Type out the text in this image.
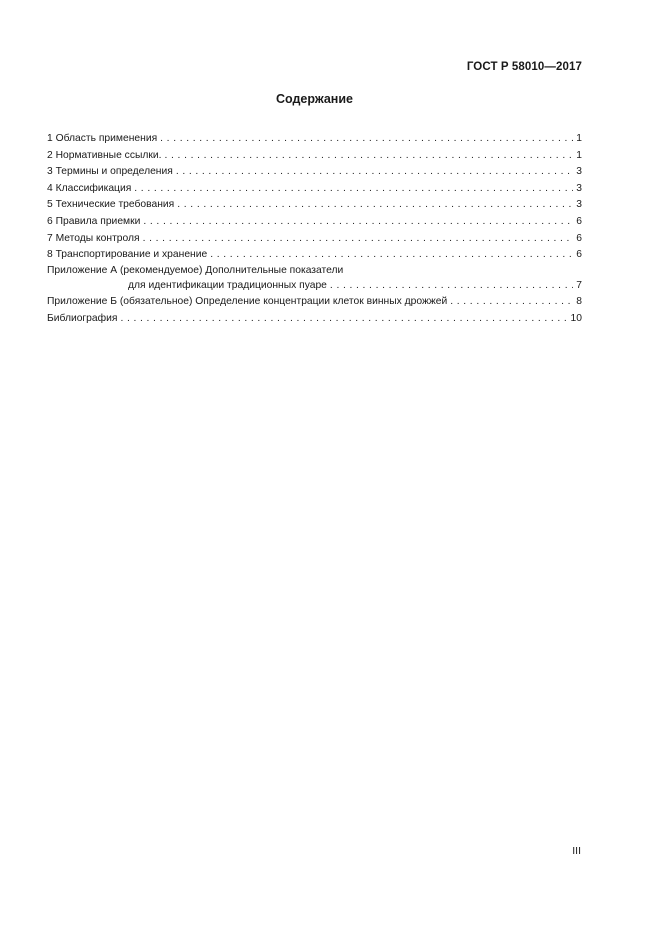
ГОСТ Р 58010—2017
Содержание
1 Область применения . . .	1
2 Нормативные ссылки. . . .	1
3 Термины и определения . . .	3
4 Классификация . . .	3
5 Технические требования . . .	3
6 Правила приемки . . .	6
7 Методы контроля . . .	6
8 Транспортирование и хранение . . .	6
Приложение А (рекомендуемое) Дополнительные показатели
для идентификации традиционных пуаре . . .	7
Приложение Б (обязательное) Определение концентрации клеток винных дрожжей . . .	8
Библиография . . .	10
III
